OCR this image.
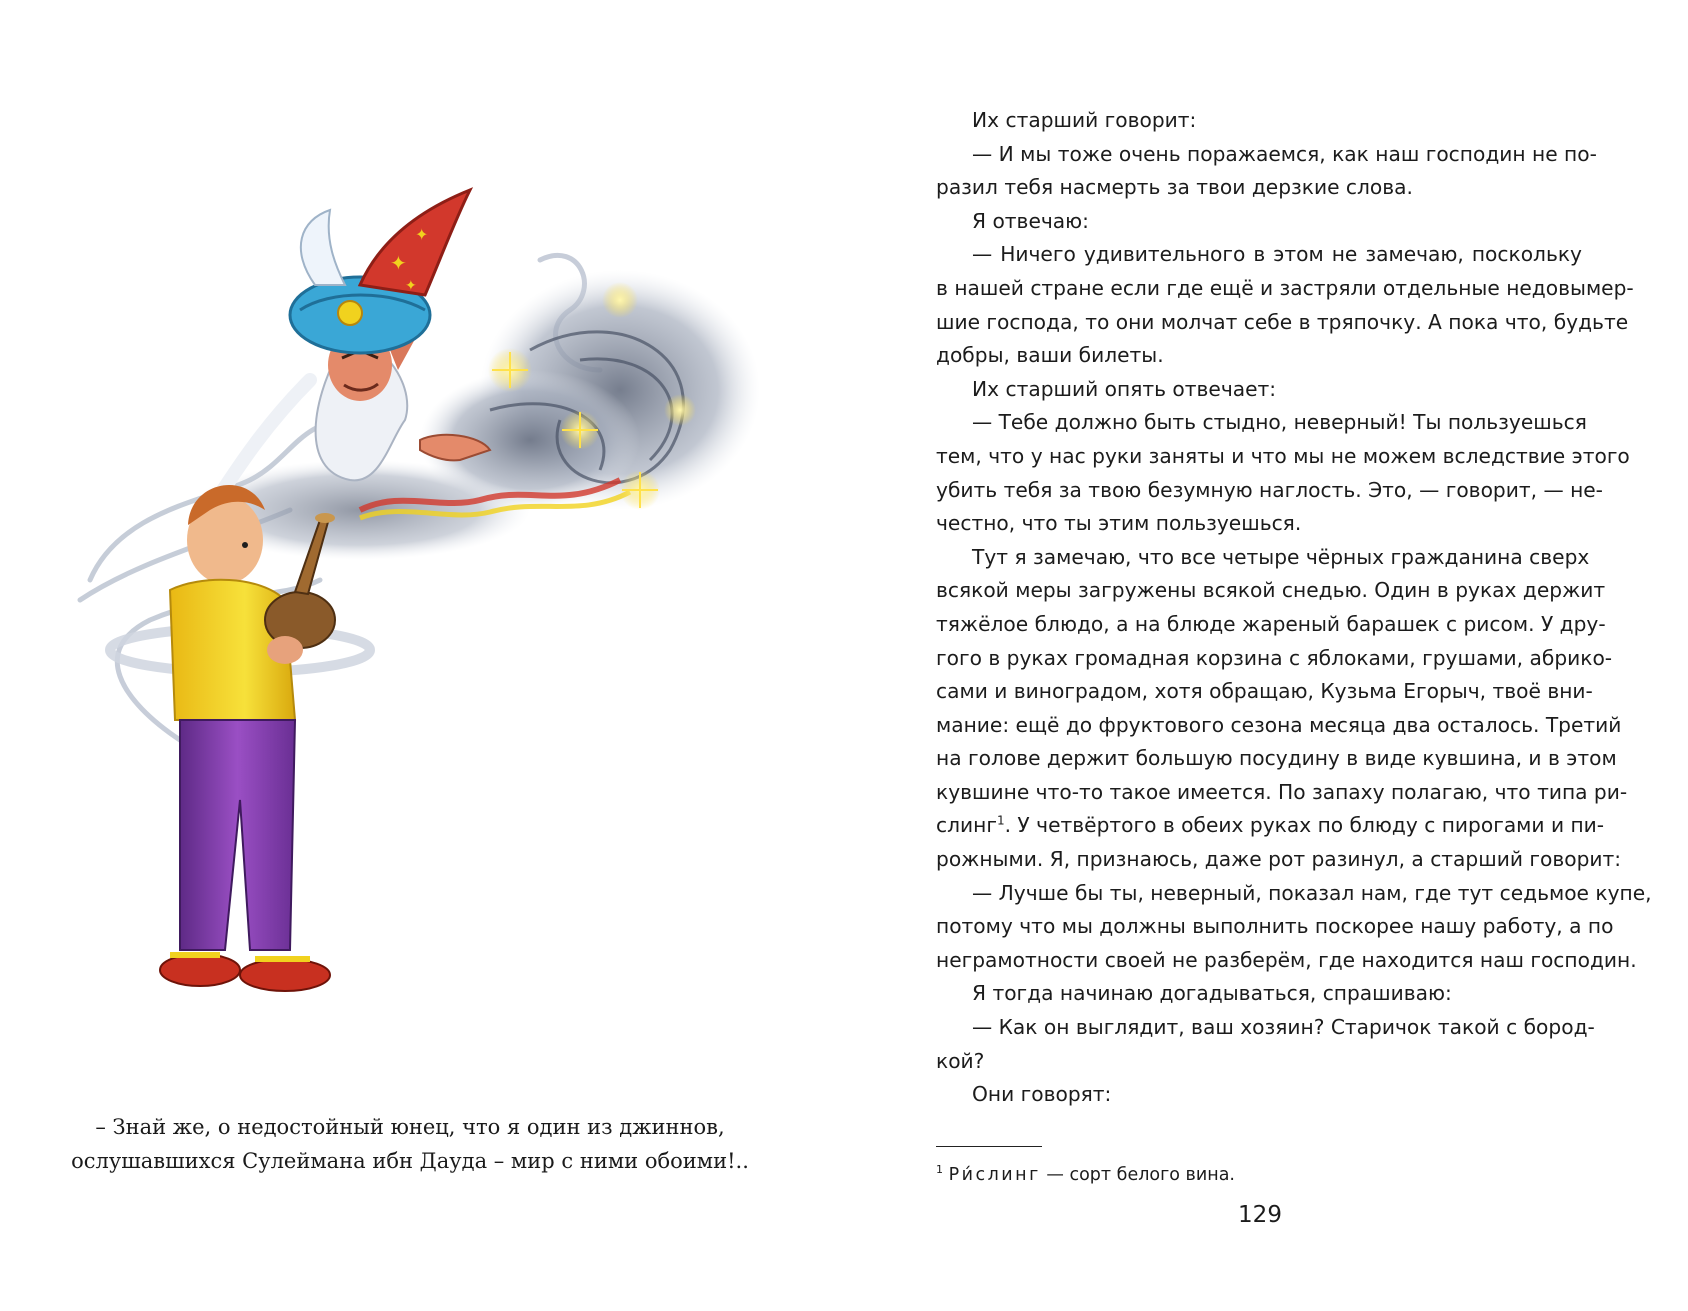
✦
✦
✦
– Знай же, о недостойный юнец, что я один из джиннов,
ослушавшихся Сулеймана ибн Дауда – мир с ними обоими!..
Их старший говорит:
— И мы тоже очень поражаемся, как наш господин не по-
разил тебя насмерть за твои дерзкие слова.
Я отвечаю:
— Ничего удивительного в этом не замечаю, поскольку
в нашей стране если где ещё и застряли отдельные недовымер-
шие господа, то они молчат себе в тряпочку. А пока что, будьте
добры, ваши билеты.
Их старший опять отвечает:
— Тебе должно быть стыдно, неверный! Ты пользуешься
тем, что у нас руки заняты и что мы не можем вследствие этого
убить тебя за твою безумную наглость. Это, — говорит, — не-
честно, что ты этим пользуешься.
Тут я замечаю, что все четыре чёрных гражданина сверх
всякой меры загружены всякой снедью. Один в руках держит
тяжёлое блюдо, а на блюде жареный барашек с рисом. У дру-
гого в руках громадная корзина с яблоками, грушами, абрико-
сами и виноградом, хотя обращаю, Кузьма Егорыч, твоё вни-
мание: ещё до фруктового сезона месяца два осталось. Третий
на голове держит большую посудину в виде кувшина, и в этом
кувшине что-то такое имеется. По запаху полагаю, что типа ри-
слинг$^1$. У четвёртого в обеих руках по блюду с пирогами и пи-
рожными. Я, признаюсь, даже рот разинул, а старший говорит:
— Лучше бы ты, неверный, показал нам, где тут седьмое купе,
потому что мы должны выполнить поскорее нашу работу, а по
неграмотности своей не разберём, где находится наш господин.
Я тогда начинаю догадываться, спрашиваю:
— Как он выглядит, ваш хозяин? Старичок такой с бород-
кой?
Они говорят:
$^1$ Ри́слинг — сорт белого вина.
129
